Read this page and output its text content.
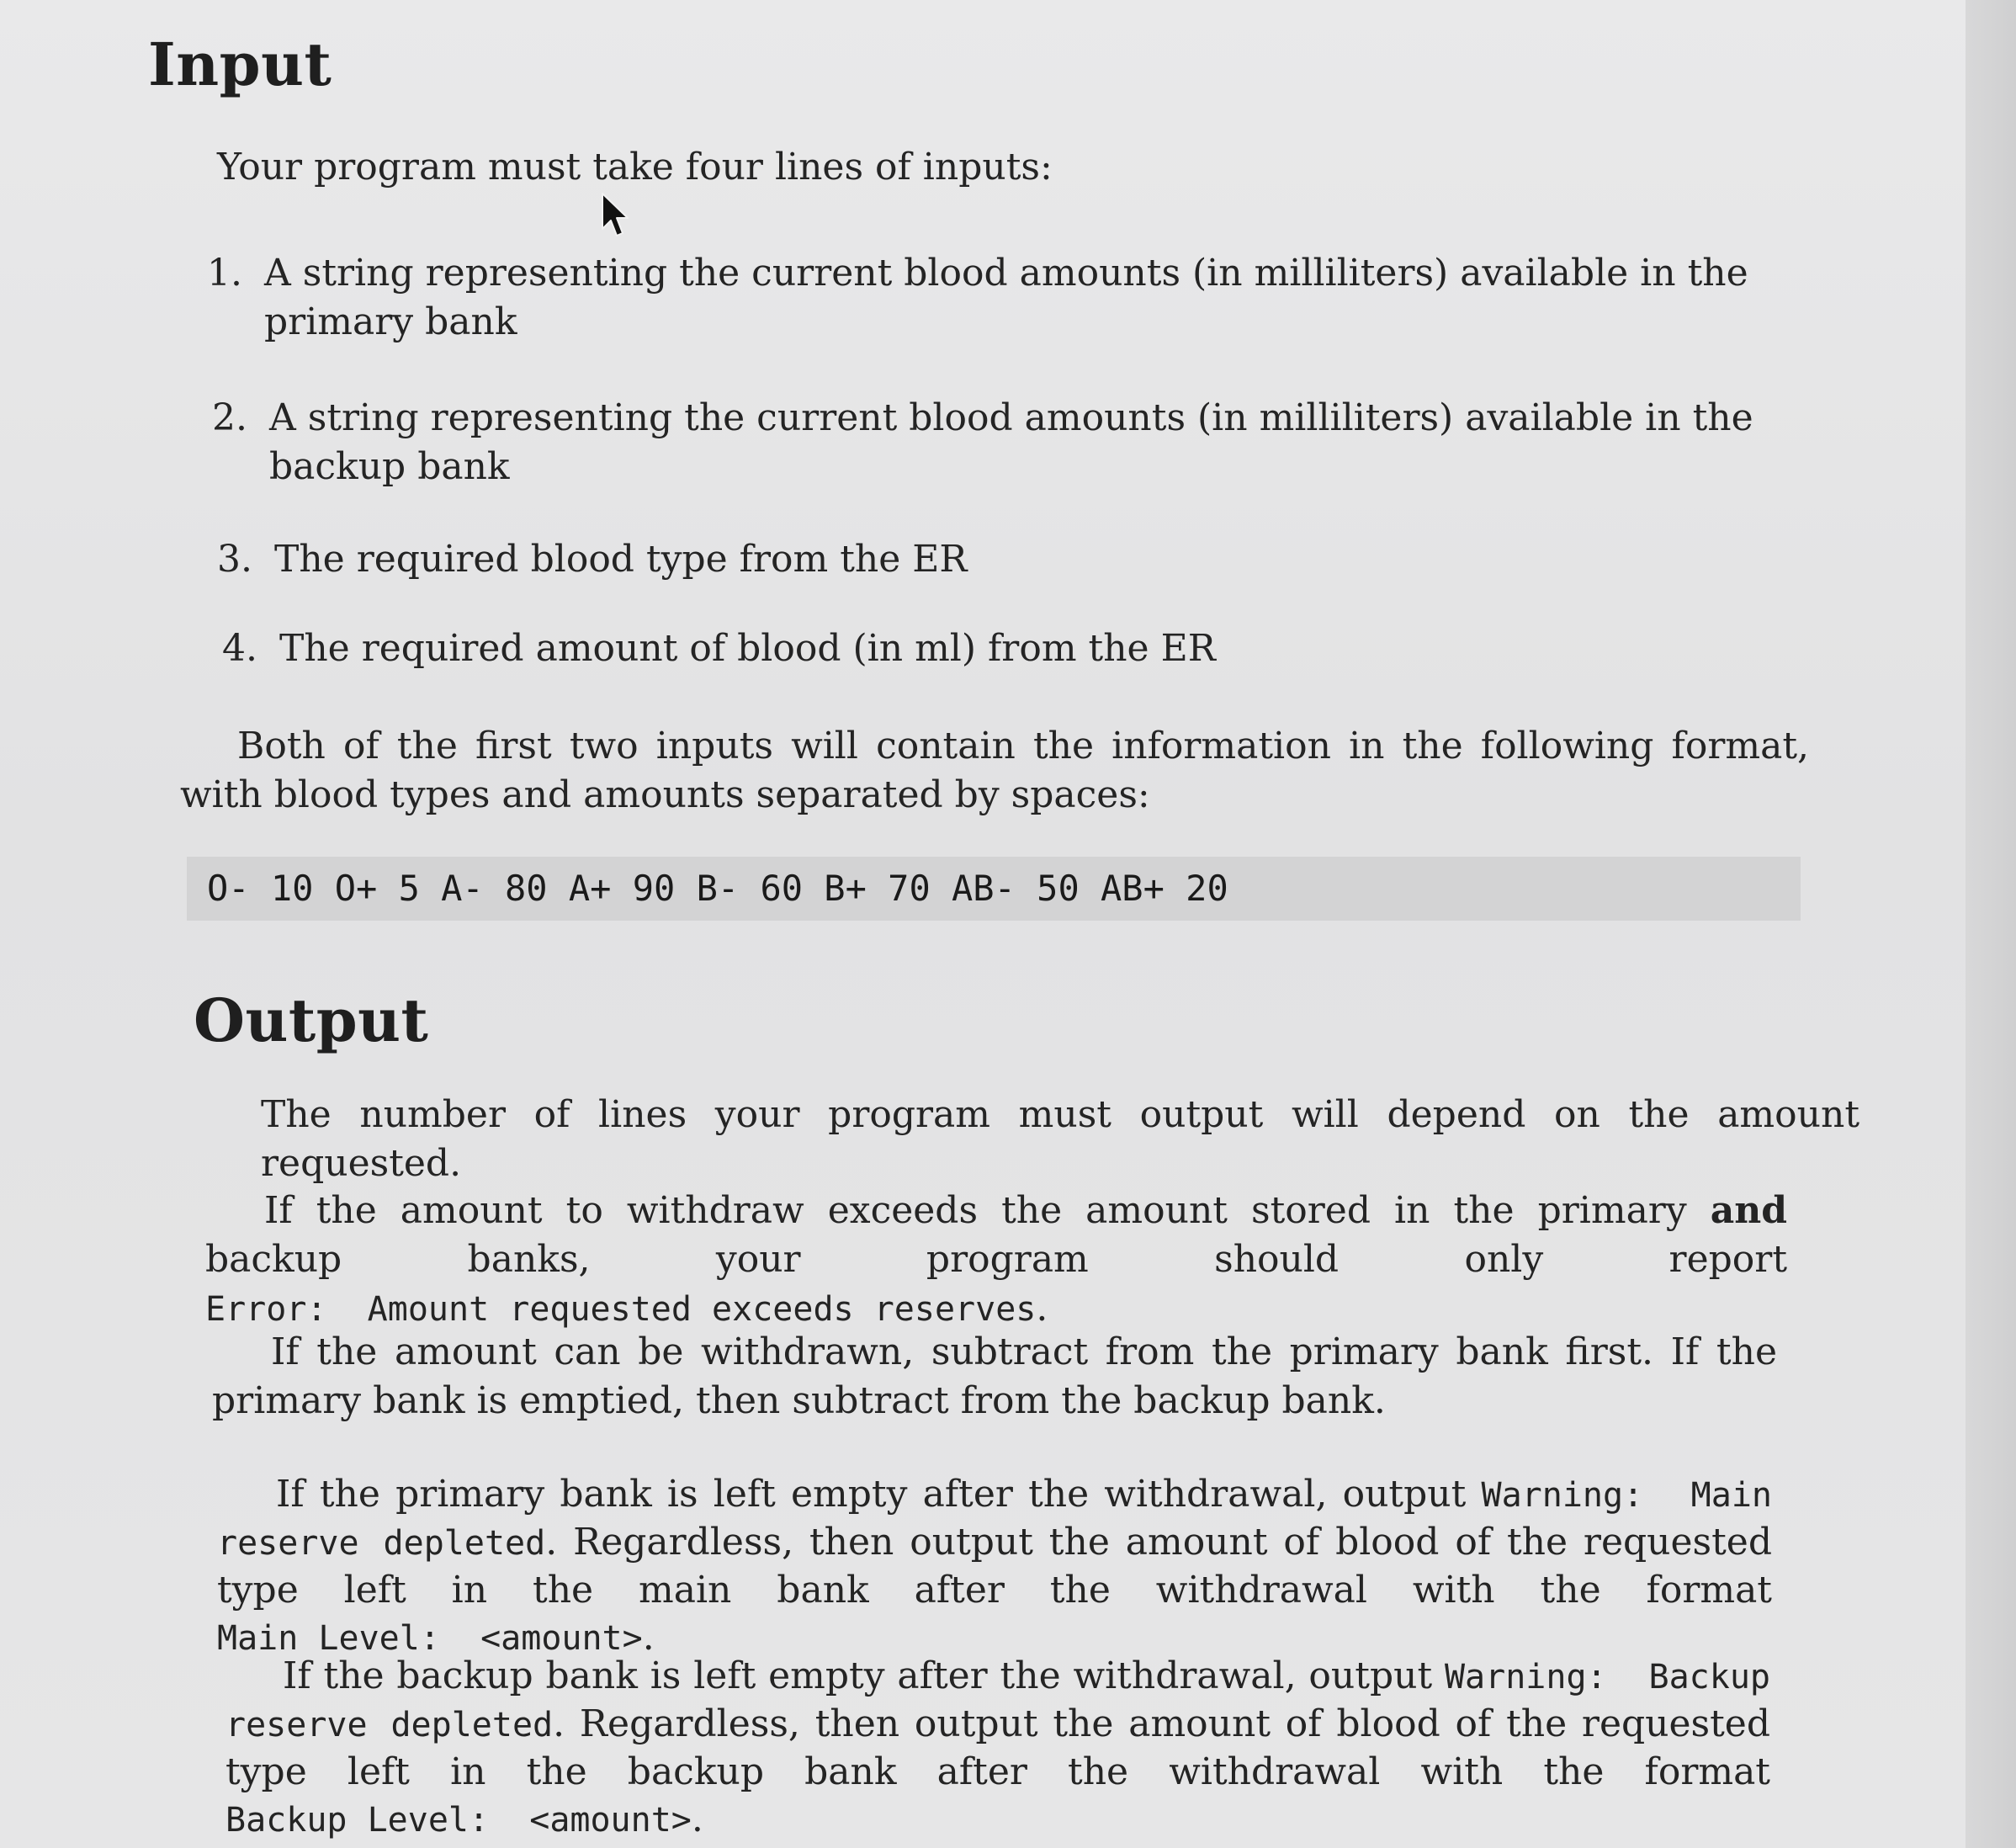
Input

Your program must take four lines of inputs:

1. A string representing the current blood amounts (in milliliters) available in the primary bank
2. A string representing the current blood amounts (in milliliters) available in the backup bank
3. The required blood type from the ER
4. The required amount of blood (in ml) from the ER

Both of the first two inputs will contain the information in the following format, with blood types and amounts separated by spaces:

O- 10 O+ 5 A- 80 A+ 90 B- 60 B+ 70 AB- 50 AB+ 20
Output

The number of lines your program must output will depend on the amount requested.

If the amount to withdraw exceeds the amount stored in the primary and backup banks, your program should only report Error:  Amount requested exceeds reserves.

If the amount can be withdrawn, subtract from the primary bank first. If the primary bank is emptied, then subtract from the backup bank.

If the primary bank is left empty after the withdrawal, output Warning:  Main reserve depleted. Regardless, then output the amount of blood of the requested type left in the main bank after the withdrawal with the format Main Level:  <amount>.

If the backup bank is left empty after the withdrawal, output Warning:  Backup reserve depleted. Regardless, then output the amount of blood of the requested type left in the backup bank after the withdrawal with the format Backup Level:  <amount>.
